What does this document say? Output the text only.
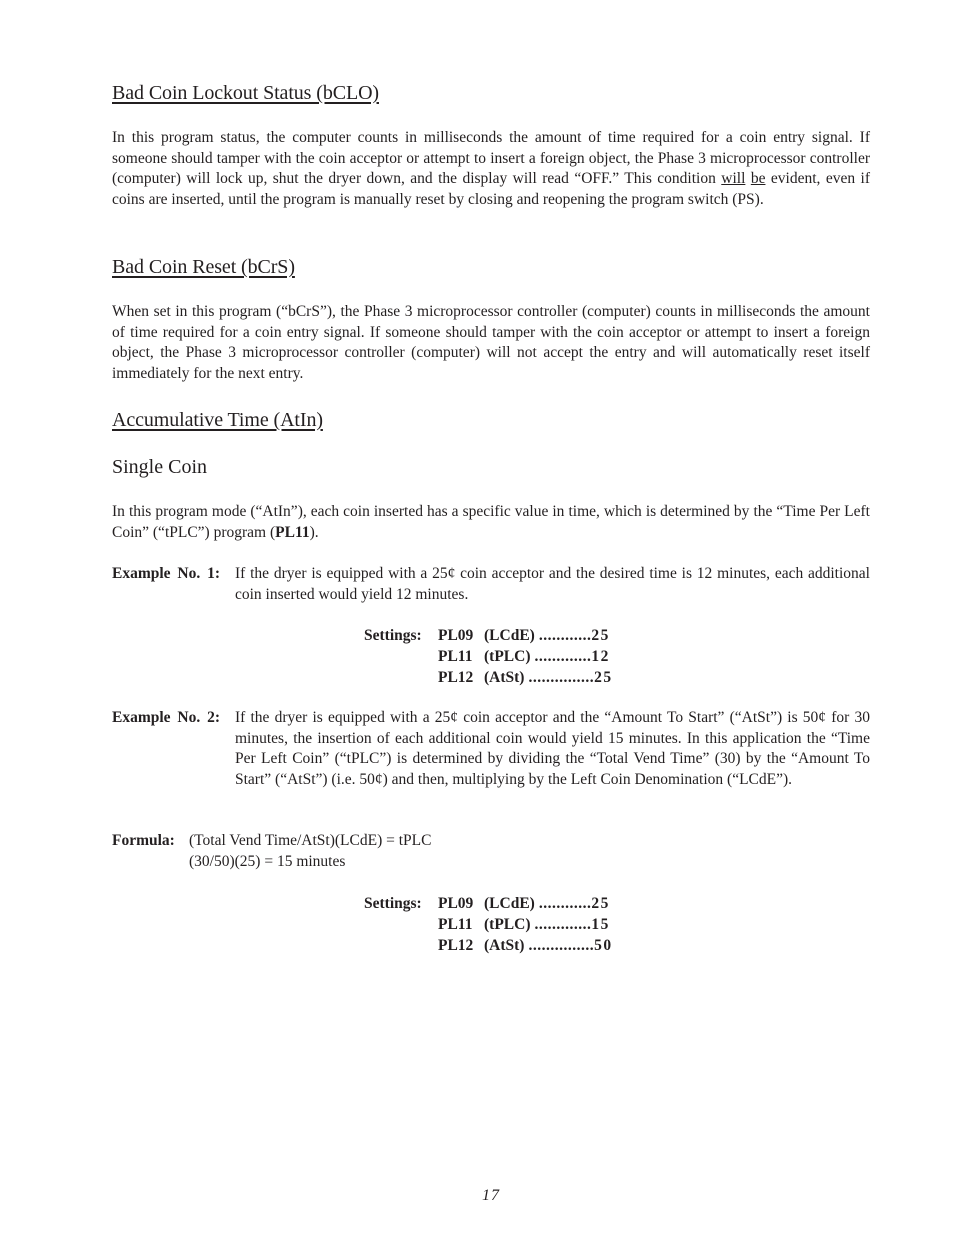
Bad Coin Lockout Status (bCLO)
In this program status, the computer counts in milliseconds the amount of time required for a coin entry signal. If someone should tamper with the coin acceptor or attempt to insert a foreign object, the Phase 3 microprocessor controller (computer) will lock up, shut the dryer down, and the display will read “OFF.” This condition will be evident, even if coins are inserted, until the program is manually reset by closing and reopening the program switch (PS).
Bad Coin Reset (bCrS)
When set in this program (“bCrS”), the Phase 3 microprocessor controller (computer) counts in milliseconds the amount of time required for a coin entry signal. If someone should tamper with the coin acceptor or attempt to insert a foreign object, the Phase 3 microprocessor controller (computer) will not accept the entry and will automatically reset itself immediately for the next entry.
Accumulative Time (AtIn)
Single Coin
In this program mode (“AtIn”), each coin inserted has a specific value in time, which is determined by the “Time Per Left Coin” (“tPLC”) program (PL11).
Example No. 1: If the dryer is equipped with a 25¢ coin acceptor and the desired time is 12 minutes, each additional coin inserted would yield 12 minutes.
Settings:	PL09 (LCdE) ............ 25
PL11 (tPLC) ............. 12
PL12 (AtSt) ............... 25
Example No. 2: If the dryer is equipped with a 25¢ coin acceptor and the “Amount To Start” (“AtSt”) is 50¢ for 30 minutes, the insertion of each additional coin would yield 15 minutes. In this application the “Time Per Left Coin” (“tPLC”) is determined by dividing the “Total Vend Time” (30) by the “Amount To Start” (“AtSt”) (i.e. 50¢) and then, multiplying by the Left Coin Denomination (“LCdE”).
Formula: (Total Vend Time/AtSt)(LCdE) = tPLC
(30/50)(25) = 15 minutes
Settings:	PL09 (LCdE) ............ 25
PL11 (tPLC) ............. 15
PL12 (AtSt) ............... 50
17
